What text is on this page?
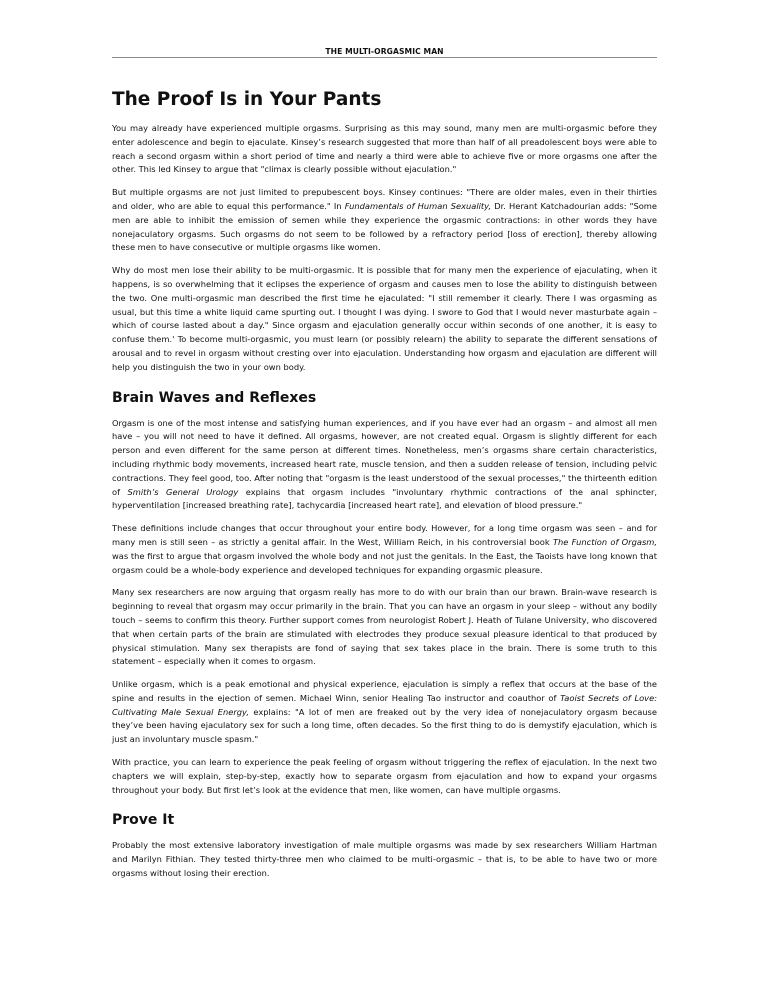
THE MULTI-ORGASMIC MAN
The Proof Is in Your Pants

You may already have experienced multiple orgasms. Surprising as this may sound, many men are multi-orgasmic before they enter adolescence and begin to ejaculate. Kinsey’s research suggested that more than half of all preadolescent boys were able to reach a second orgasm within a short period of time and nearly a third were able to achieve five or more orgasms one after the other. This led Kinsey to argue that "climax is clearly possible without ejaculation."

But multiple orgasms are not just limited to prepubescent boys. Kinsey continues: "There are older males, even in their thirties and older, who are able to equal this performance." In Fundamentals of Human Sexuality, Dr. Herant Katchadourian adds: "Some men are able to inhibit the emission of semen while they experience the orgasmic contractions: in other words they have nonejaculatory orgasms. Such orgasms do not seem to be followed by a refractory period [loss of erection], thereby allowing these men to have consecutive or multiple orgasms like women.

Why do most men lose their ability to be multi-orgasmic. It is possible that for many men the experience of ejaculating, when it happens, is so overwhelming that it eclipses the experience of orgasm and causes men to lose the ability to distinguish between the two. One multi-orgasmic man described the first time he ejaculated: "I still remember it clearly. There I was orgasming as usual, but this time a white liquid came spurting out. I thought I was dying. I swore to God that I would never masturbate again – which of course lasted about a day." Since orgasm and ejaculation generally occur within seconds of one another, it is easy to confuse them.' To become multi-orgasmic, you must learn (or possibly relearn) the ability to separate the different sensations of arousal and to revel in orgasm without cresting over into ejaculation. Understanding how orgasm and ejaculation are different will help you distinguish the two in your own body.

Brain Waves and Reflexes

Orgasm is one of the most intense and satisfying human experiences, and if you have ever had an orgasm – and almost all men have – you will not need to have it defined. All orgasms, however, are not created equal. Orgasm is slightly different for each person and even different for the same person at different times. Nonetheless, men’s orgasms share certain characteristics, including rhythmic body movements, increased heart rate, muscle tension, and then a sudden release of tension, including pelvic contractions. They feel good, too. After noting that "orgasm is the least understood of the sexual processes," the thirteenth edition of Smith’s General Urology explains that orgasm includes "involuntary rhythmic contractions of the anal sphincter, hyperventilation [increased breathing rate], tachycardia [increased heart rate], and elevation of blood pressure."

These definitions include changes that occur throughout your entire body. However, for a long time orgasm was seen – and for many men is still seen – as strictly a genital affair. In the West, William Reich, in his controversial book The Function of Orgasm, was the first to argue that orgasm involved the whole body and not just the genitals. In the East, the Taoists have long known that orgasm could be a whole-body experience and developed techniques for expanding orgasmic pleasure.

Many sex researchers are now arguing that orgasm really has more to do with our brain than our brawn. Brain-wave research is beginning to reveal that orgasm may occur primarily in the brain. That you can have an orgasm in your sleep – without any bodily touch – seems to confirm this theory. Further support comes from neurologist Robert J. Heath of Tulane University, who discovered that when certain parts of the brain are stimulated with electrodes they produce sexual pleasure identical to that produced by physical stimulation. Many sex therapists are fond of saying that sex takes place in the brain. There is some truth to this statement – especially when it comes to orgasm.

Unlike orgasm, which is a peak emotional and physical experience, ejaculation is simply a reflex that occurs at the base of the spine and results in the ejection of semen. Michael Winn, senior Healing Tao instructor and coauthor of Taoist Secrets of Love: Cultivating Male Sexual Energy, explains: "A lot of men are freaked out by the very idea of nonejaculatory orgasm because they’ve been having ejaculatory sex for such a long time, often decades. So the first thing to do is demystify ejaculation, which is just an involuntary muscle spasm."

With practice, you can learn to experience the peak feeling of orgasm without triggering the reflex of ejaculation. In the next two chapters we will explain, step-by-step, exactly how to separate orgasm from ejaculation and how to expand your orgasms throughout your body. But first let’s look at the evidence that men, like women, can have multiple orgasms.

Prove It

Probably the most extensive laboratory investigation of male multiple orgasms was made by sex researchers William Hartman and Marilyn Fithian. They tested thirty-three men who claimed to be multi-orgasmic – that is, to be able to have two or more orgasms without losing their erection.
